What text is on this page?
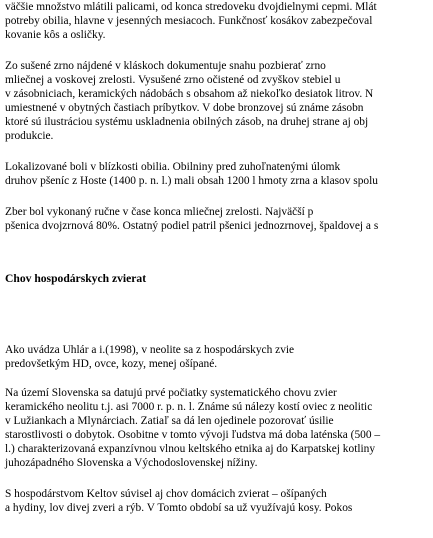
väčšie množstvo mlátili palicami, od konca stredoveku dvojdielnymi cepmi. Mlát
potreby obilia, hlavne v jesenných mesiacoch. Funkčnosť kosákov zabezpečoval
kovanie kôs a osličky.
Zo sušené zrno nájdené v kláskoch dokumentuje snahu pozbierať zrno
mliečnej a voskovej zrelosti. Vysušené zrno očistené od zvyškov stebiel u
v zásobniciach, keramických nádobách s obsahom až niekoľko desiatok litrov. N
umiestnené v obytných častiach príbytkov. V dobe bronzovej sú známe zásobn
ktoré sú ilustráciou systému uskladnenia obilných zásob, na druhej strane aj obj
produkcie.
Lokalizované boli v blízkosti obilia. Obilniny pred zuhoľnatenými úlomk
druhov pšeníc z Hoste (1400 p. n. l.) mali obsah 1200 l hmoty zrna a klasov spolu
Zber bol vykonaný ručne v čase konca mliečnej zrelosti. Najväčší p
pšenica dvojzrnová 80%. Ostatný podiel patril pšenici jednozrnovej, špaldovej a s
Chov hospodárskych zvierat
Ako uvádza Uhlár a i.(1998), v neolite sa z hospodárskych zvie
predovšetkým HD, ovce, kozy, menej ošípané.
Na území Slovenska sa datujú prvé počiatky systematického chovu zvier
keramického neolitu t.j. asi 7000 r. p. n. l. Známe sú nálezy kostí oviec z neolitic
v Lužiankach a Mlynárciach. Zatiaľ sa dá len ojedinele pozorovať úsilie
starostlivosti o dobytok. Osobitne v tomto vývoji ľudstva má doba laténska (500 –
l.) charakterizovaná expanzívnou vlnou keltského etnika aj do Karpatskej kotliny
juhozápadného Slovenska a Východoslovenskej nížiny.
S hospodárstvom Keltov súvisel aj chov domácich zvierat – ošípaných
a hydiny, lov divej zveri a rýb. V Tomto období sa už využívajú kosy. Pokos
